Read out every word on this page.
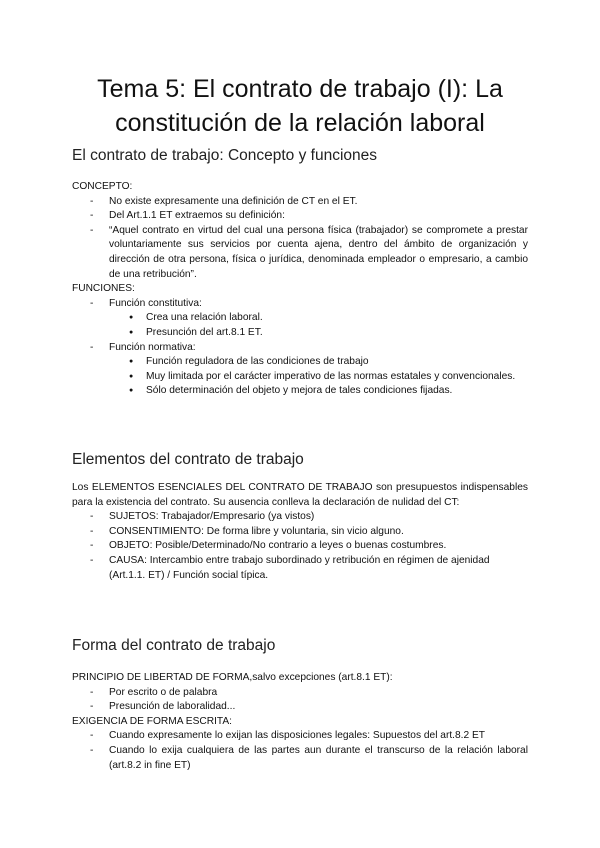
Tema 5: El contrato de trabajo (I): La constitución de la relación laboral
El contrato de trabajo: Concepto y funciones

CONCEPTO:

- No existe expresamente una definición de CT en el ET.
- Del Art.1.1 ET extraemos su definición:
- “Aquel contrato en virtud del cual una persona física (trabajador) se compromete a prestar voluntariamente sus servicios por cuenta ajena, dentro del ámbito de organización y dirección de otra persona, física o jurídica, denominada empleador o empresario, a cambio de una retribución”.

FUNCIONES:

- Función constitutiva:
● Crea una relación laboral.
● Presunción del art.8.1 ET.
- Función normativa:
● Función reguladora de las condiciones de trabajo
● Muy limitada por el carácter imperativo de las normas estatales y convencionales.
● Sólo determinación del objeto y mejora de tales condiciones fijadas.
Elementos del contrato de trabajo

Los ELEMENTOS ESENCIALES DEL CONTRATO DE TRABAJO son presupuestos indispensables para la existencia del contrato. Su ausencia conlleva la declaración de nulidad del CT:

- SUJETOS: Trabajador/Empresario (ya vistos)
- CONSENTIMIENTO: De forma libre y voluntaria, sin vicio alguno.
- OBJETO: Posible/Determinado/No contrario a leyes o buenas costumbres.
- CAUSA: Intercambio entre trabajo subordinado y retribución en régimen de ajenidad (Art.1.1. ET) / Función social típica.
Forma del contrato de trabajo

PRINCIPIO DE LIBERTAD DE FORMA,salvo excepciones (art.8.1 ET):

- Por escrito o de palabra
- Presunción de laboralidad...

EXIGENCIA DE FORMA ESCRITA:

- Cuando expresamente lo exijan las disposiciones legales: Supuestos del art.8.2 ET
- Cuando lo exija cualquiera de las partes aun durante el transcurso de la relación laboral (art.8.2 in fine ET)
